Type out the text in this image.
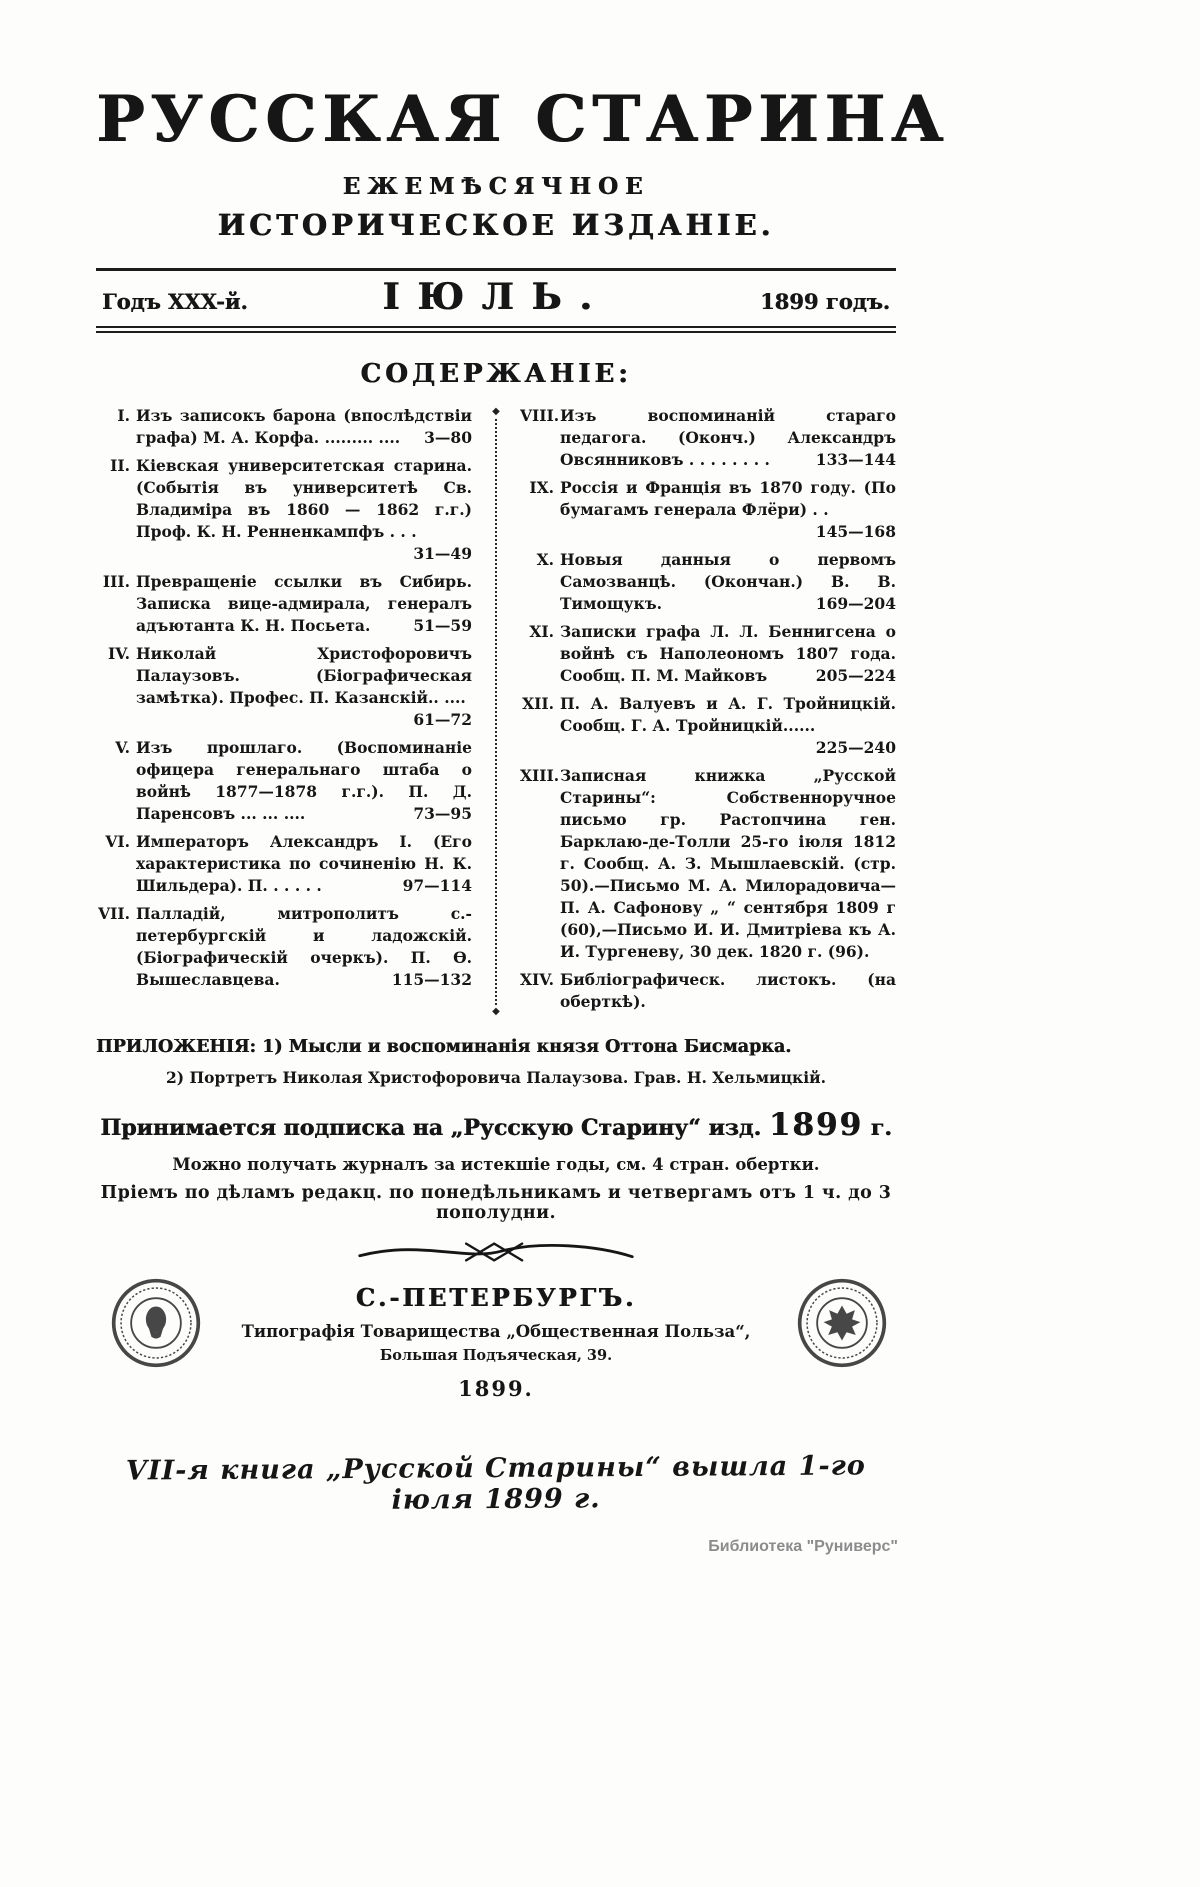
РУССКАЯ СТАРИНА
ЕЖЕМѢСЯЧНОЕ
ИСТОРИЧЕСКОЕ ИЗДАНІЕ.
Годъ XXX-й.	ІЮЛЬ.	1899 годъ.
СОДЕРЖАНІЕ:
I. Изъ записокъ барона (впослѣдствіи графа) М. А. Корфа. ......... .... 3—80
II. Кіевская университетская старина. (Событія въ университетѣ Св. Владиміра въ 1860 — 1862 г.г.) Проф. К. Н. Ренненкампфъ . . .
31—49
III. Превращеніе ссылки въ Сибирь. Записка вице-адмирала, генералъ адъютанта К. Н. Посьета.	51—59
IV. Николай Христофоровичъ Палаузовъ. (Біографическая замѣтка). Профес. П. Казанскій.. ....
61—72
V. Изъ прошлаго. (Воспоминаніе офицера генеральнаго штаба о войнѣ 1877—1878 г.г.). П. Д. Паренсовъ ... ... ....	73—95
VI. Императоръ Александръ I. (Его характеристика по сочиненію Н. К. Шильдера). П. . . . . .	97—114
VII. Палладій, митрополитъ с.-петербургскій и ладожскій. (Біографическій очеркъ). П. Ѳ. Вышеславцева.	115—132
◆
◆
VIII. Изъ воспоминаній стараго педагога. (Оконч.) Александръ Овсянниковъ . . . . . . . .	133—144
IX. Россія и Франція въ 1870 году. (По бумагамъ генерала Флёри) . .
145—168
X. Новыя данныя о первомъ Самозванцѣ. (Окончан.) В. В. Тимощукъ.	169—204
XI. Записки графа Л. Л. Беннигсена о войнѣ съ Наполеономъ 1807 года. Сообщ. П. М. Майковъ	205—224
XII. П. А. Валуевъ и А. Г. Тройницкій. Сообщ. Г. А. Тройницкій......
225—240
XIII. Записная книжка „Русской Старины“: Собственноручное письмо гр. Растопчина ген. Барклаю-де-Толли 25-го іюля 1812 г. Сообщ. А. З. Мышлаевскій. (стр. 50).—Письмо М. А. Милорадовича—П. А. Сафонову „ “ сентября 1809 г (60),—Письмо И. И. Дмитріева къ А. И. Тургеневу, 30 дек. 1820 г. (96).
XIV. Библіографическ. листокъ. (на оберткѣ).

ПРИЛОЖЕНІЯ: 1) Мысли и воспоминанія князя Оттона Бисмарка.

2) Портретъ Николая Христофоровича Палаузова. Грав. Н. Хельмицкій.

Принимается подписка на „Русскую Старину“ изд. 1899 г.

Можно получать журналъ за истекшіе годы, см. 4 стран. обертки.

Пріемъ по дѣламъ редакц. по понедѣльникамъ и четвергамъ отъ 1 ч. до 3 пополудни.

С.-ПЕТЕРБУРГЪ.

Типографія Товарищества „Общественная Польза“,

Большая Подъяческая, 39.

1899.

VII-я книга „Русской Старины“ вышла 1-го іюля 1899 г.

Библиотека "Руниверс"
